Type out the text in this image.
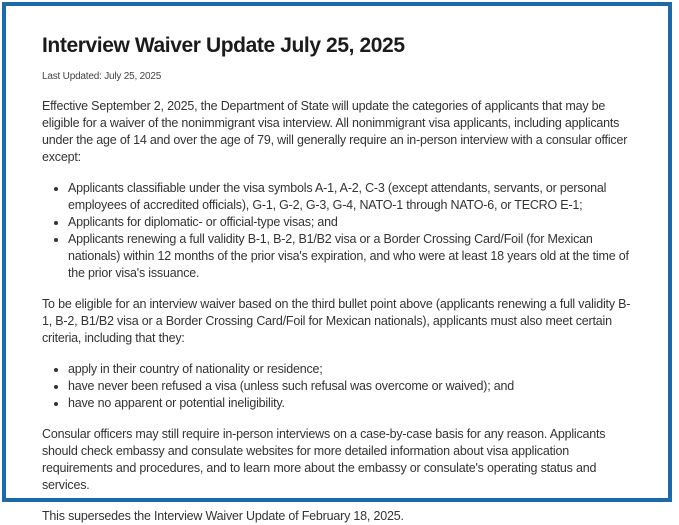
Interview Waiver Update July 25, 2025
Last Updated: July 25, 2025

Effective September 2, 2025, the Department of State will update the categories of applicants that may be eligible for a waiver of the nonimmigrant visa interview. All nonimmigrant visa applicants, including applicants under the age of 14 and over the age of 79, will generally require an in-person interview with a consular officer except:

• Applicants classifiable under the visa symbols A-1, A-2, C-3 (except attendants, servants, or personal employees of accredited officials), G-1, G-2, G-3, G-4, NATO-1 through NATO-6, or TECRO E-1;
• Applicants for diplomatic- or official-type visas; and
• Applicants renewing a full validity B-1, B-2, B1/B2 visa or a Border Crossing Card/Foil (for Mexican nationals) within 12 months of the prior visa's expiration, and who were at least 18 years old at the time of the prior visa's issuance.

To be eligible for an interview waiver based on the third bullet point above (applicants renewing a full validity B-1, B-2, B1/B2 visa or a Border Crossing Card/Foil for Mexican nationals), applicants must also meet certain criteria, including that they:

• apply in their country of nationality or residence;
• have never been refused a visa (unless such refusal was overcome or waived); and
• have no apparent or potential ineligibility.

Consular officers may still require in-person interviews on a case-by-case basis for any reason. Applicants should check embassy and consulate websites for more detailed information about visa application requirements and procedures, and to learn more about the embassy or consulate's operating status and services.

This supersedes the Interview Waiver Update of February 18, 2025.
